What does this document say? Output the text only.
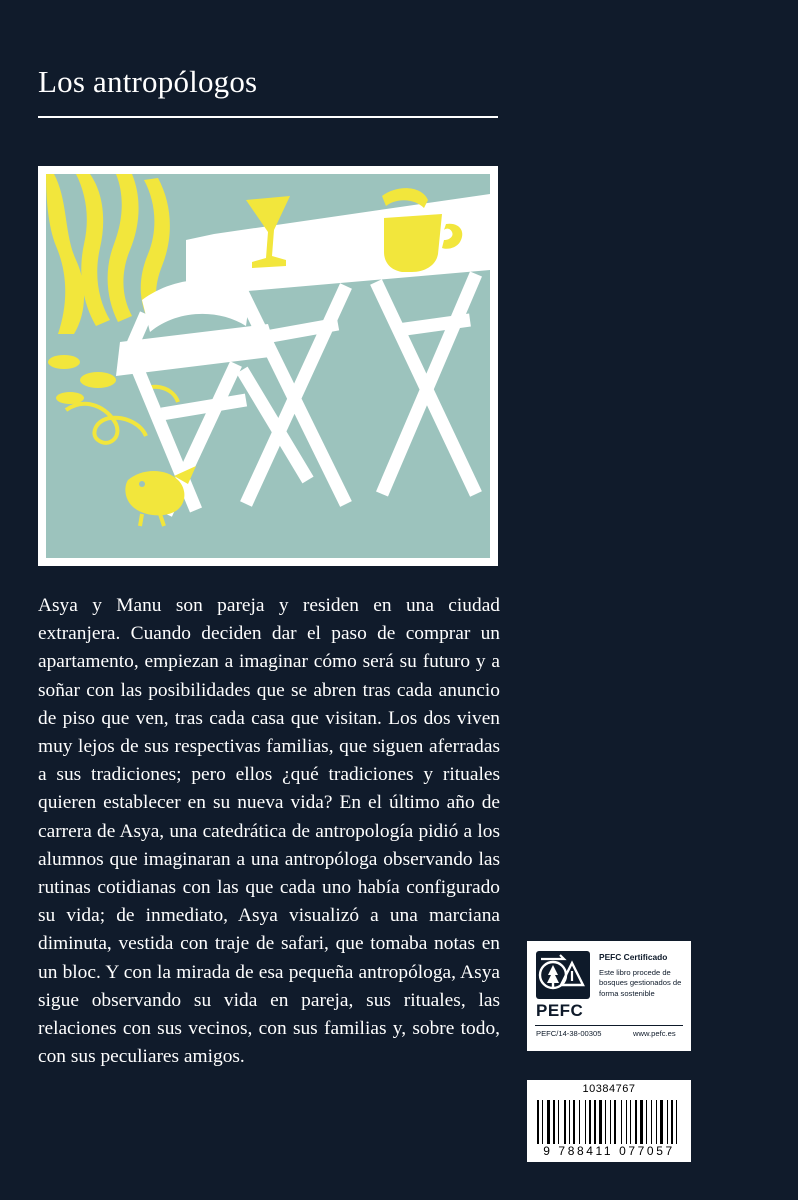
Los antropólogos
Asya y Manu son pareja y residen en una ciudad extranjera. Cuando deciden dar el paso de comprar un apartamento, empiezan a imaginar cómo será su futuro y a soñar con las posibilidades que se abren tras cada anuncio de piso que ven, tras cada casa que visitan. Los dos viven muy lejos de sus respectivas familias, que siguen aferradas a sus tradiciones; pero ellos ¿qué tradiciones y rituales quieren establecer en su nueva vida? En el último año de carrera de Asya, una catedrática de antropología pidió a los alumnos que imaginaran a una antropóloga observando las rutinas cotidianas con las que cada uno había configurado su vida; de inmediato, Asya visualizó a una marciana diminuta, vestida con traje de safari, que tomaba notas en un bloc. Y con la mirada de esa pequeña antropóloga, Asya sigue observando su vida en pareja, sus rituales, las relaciones con sus vecinos, con sus familias y, sobre todo, con sus peculiares amigos.
PEFC
PEFC Certificado
Este libro procede de bosques gestionados de forma sostenible
PEFC/14-38-00305	www.pefc.es
10384767
9 788411 077057
